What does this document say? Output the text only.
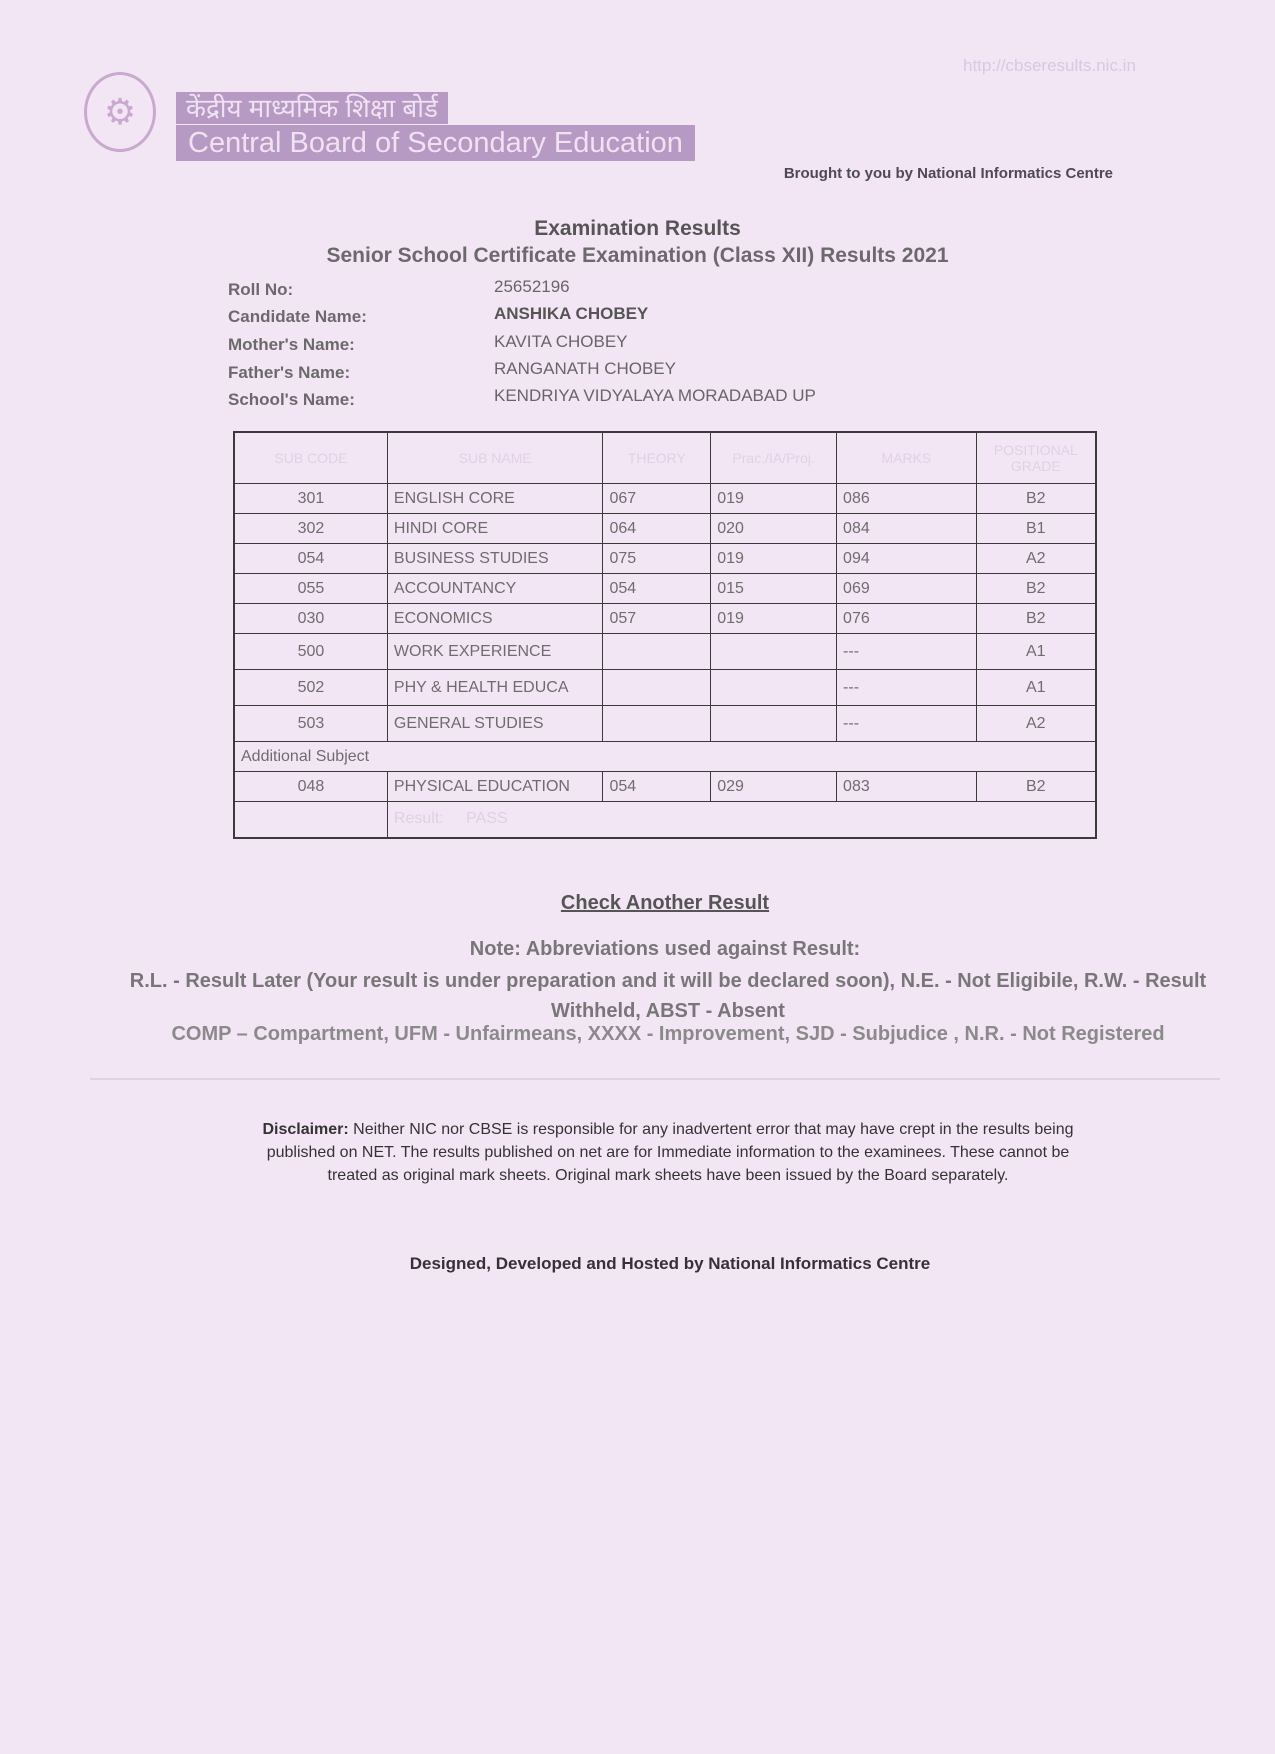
⚙	केंद्रीय माध्यमिक शिक्षा बोर्ड
Central Board of Secondary Education
http://cbseresults.nic.in
Brought to you by National Informatics Centre
Examination Results
Senior School Certificate Examination (Class XII) Results 2021
Roll No:	25652196
Candidate Name:	ANSHIKA CHOBEY
Mother's Name:	KAVITA CHOBEY
Father's Name:	RANGANATH CHOBEY
School's Name:	KENDRIYA VIDYALAYA MORADABAD UP
SUB CODE	SUB NAME	THEORY	Prac./IA/Proj.	MARKS	POSITIONAL GRADE
301	ENGLISH CORE	067	019	086	B2
302	HINDI CORE	064	020	084	B1
054	BUSINESS STUDIES	075	019	094	A2
055	ACCOUNTANCY	054	015	069	B2
030	ECONOMICS	057	019	076	B2
500	WORK EXPERIENCE			---	A1
502	PHY & HEALTH EDUCA			---	A1
503	GENERAL STUDIES			---	A2
Additional Subject					
048	PHYSICAL EDUCATION	054	029	083	B2
	Result: PASS				
Check Another Result
Note: Abbreviations used against Result:
R.L. - Result Later (Your result is under preparation and it will be declared soon), N.E. - Not Eligibile, R.W. - Result Withheld, ABST - Absent
COMP – Compartment, UFM - Unfairmeans, XXXX - Improvement, SJD - Subjudice , N.R. - Not Registered
Disclaimer: Neither NIC nor CBSE is responsible for any inadvertent error that may have crept in the results being published on NET. The results published on net are for Immediate information to the examinees. These cannot be treated as original mark sheets. Original mark sheets have been issued by the Board separately.
Designed, Developed and Hosted by National Informatics Centre
